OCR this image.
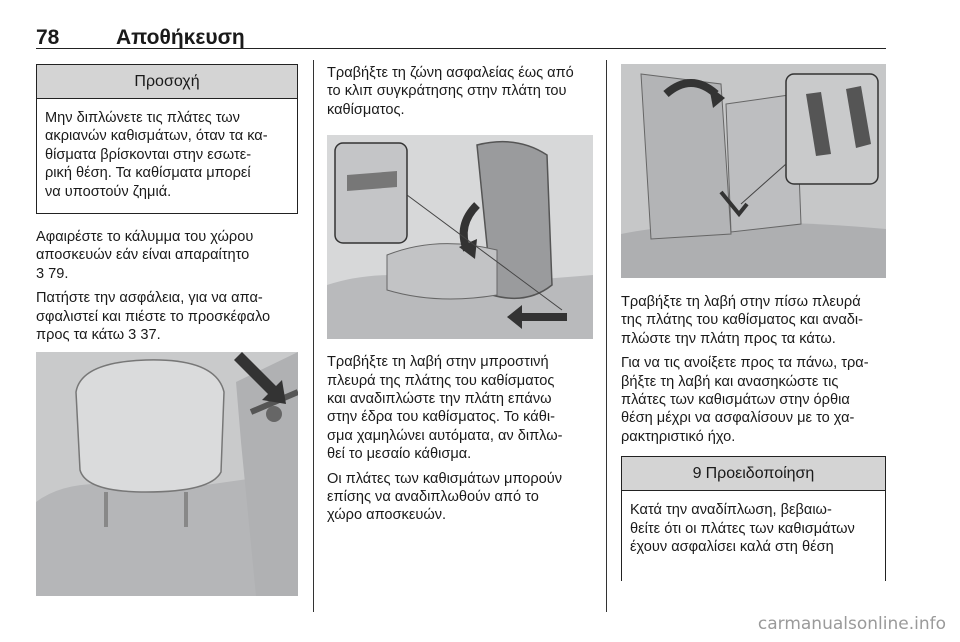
78	Αποθήκευση
Προσοχή
Μην διπλώνετε τις πλάτες των
ακριανών καθισμάτων, όταν τα κα-
θίσματα βρίσκονται στην εσωτε-
ρική θέση. Τα καθίσματα μπορεί
να υποστούν ζημιά.

Αφαιρέστε το κάλυμμα του χώρου
αποσκευών εάν είναι απαραίτητο
3 79.

Πατήστε την ασφάλεια, για να απα-
σφαλιστεί και πιέστε το προσκέφαλο
προς τα κάτω 3 37.

Τραβήξτε τη ζώνη ασφαλείας έως από
το κλιπ συγκράτησης στην πλάτη του
καθίσματος.

Τραβήξτε τη λαβή στην μπροστινή
πλευρά της πλάτης του καθίσματος
και αναδιπλώστε την πλάτη επάνω
στην έδρα του καθίσματος. Το κάθι-
σμα χαμηλώνει αυτόματα, αν διπλω-
θεί το μεσαίο κάθισμα.

Οι πλάτες των καθισμάτων μπορούν
επίσης να αναδιπλωθούν από το
χώρο αποσκευών.

Τραβήξτε τη λαβή στην πίσω πλευρά
της πλάτης του καθίσματος και αναδι-
πλώστε την πλάτη προς τα κάτω.

Για να τις ανοίξετε προς τα πάνω, τρα-
βήξτε τη λαβή και ανασηκώστε τις
πλάτες των καθισμάτων στην όρθια
θέση μέχρι να ασφαλίσουν με το χα-
ρακτηριστικό ήχο.

9 Προειδοποίηση
Κατά την αναδίπλωση, βεβαιω-
θείτε ότι οι πλάτες των καθισμάτων
έχουν ασφαλίσει καλά στη θέση
carmanualsonline.info
